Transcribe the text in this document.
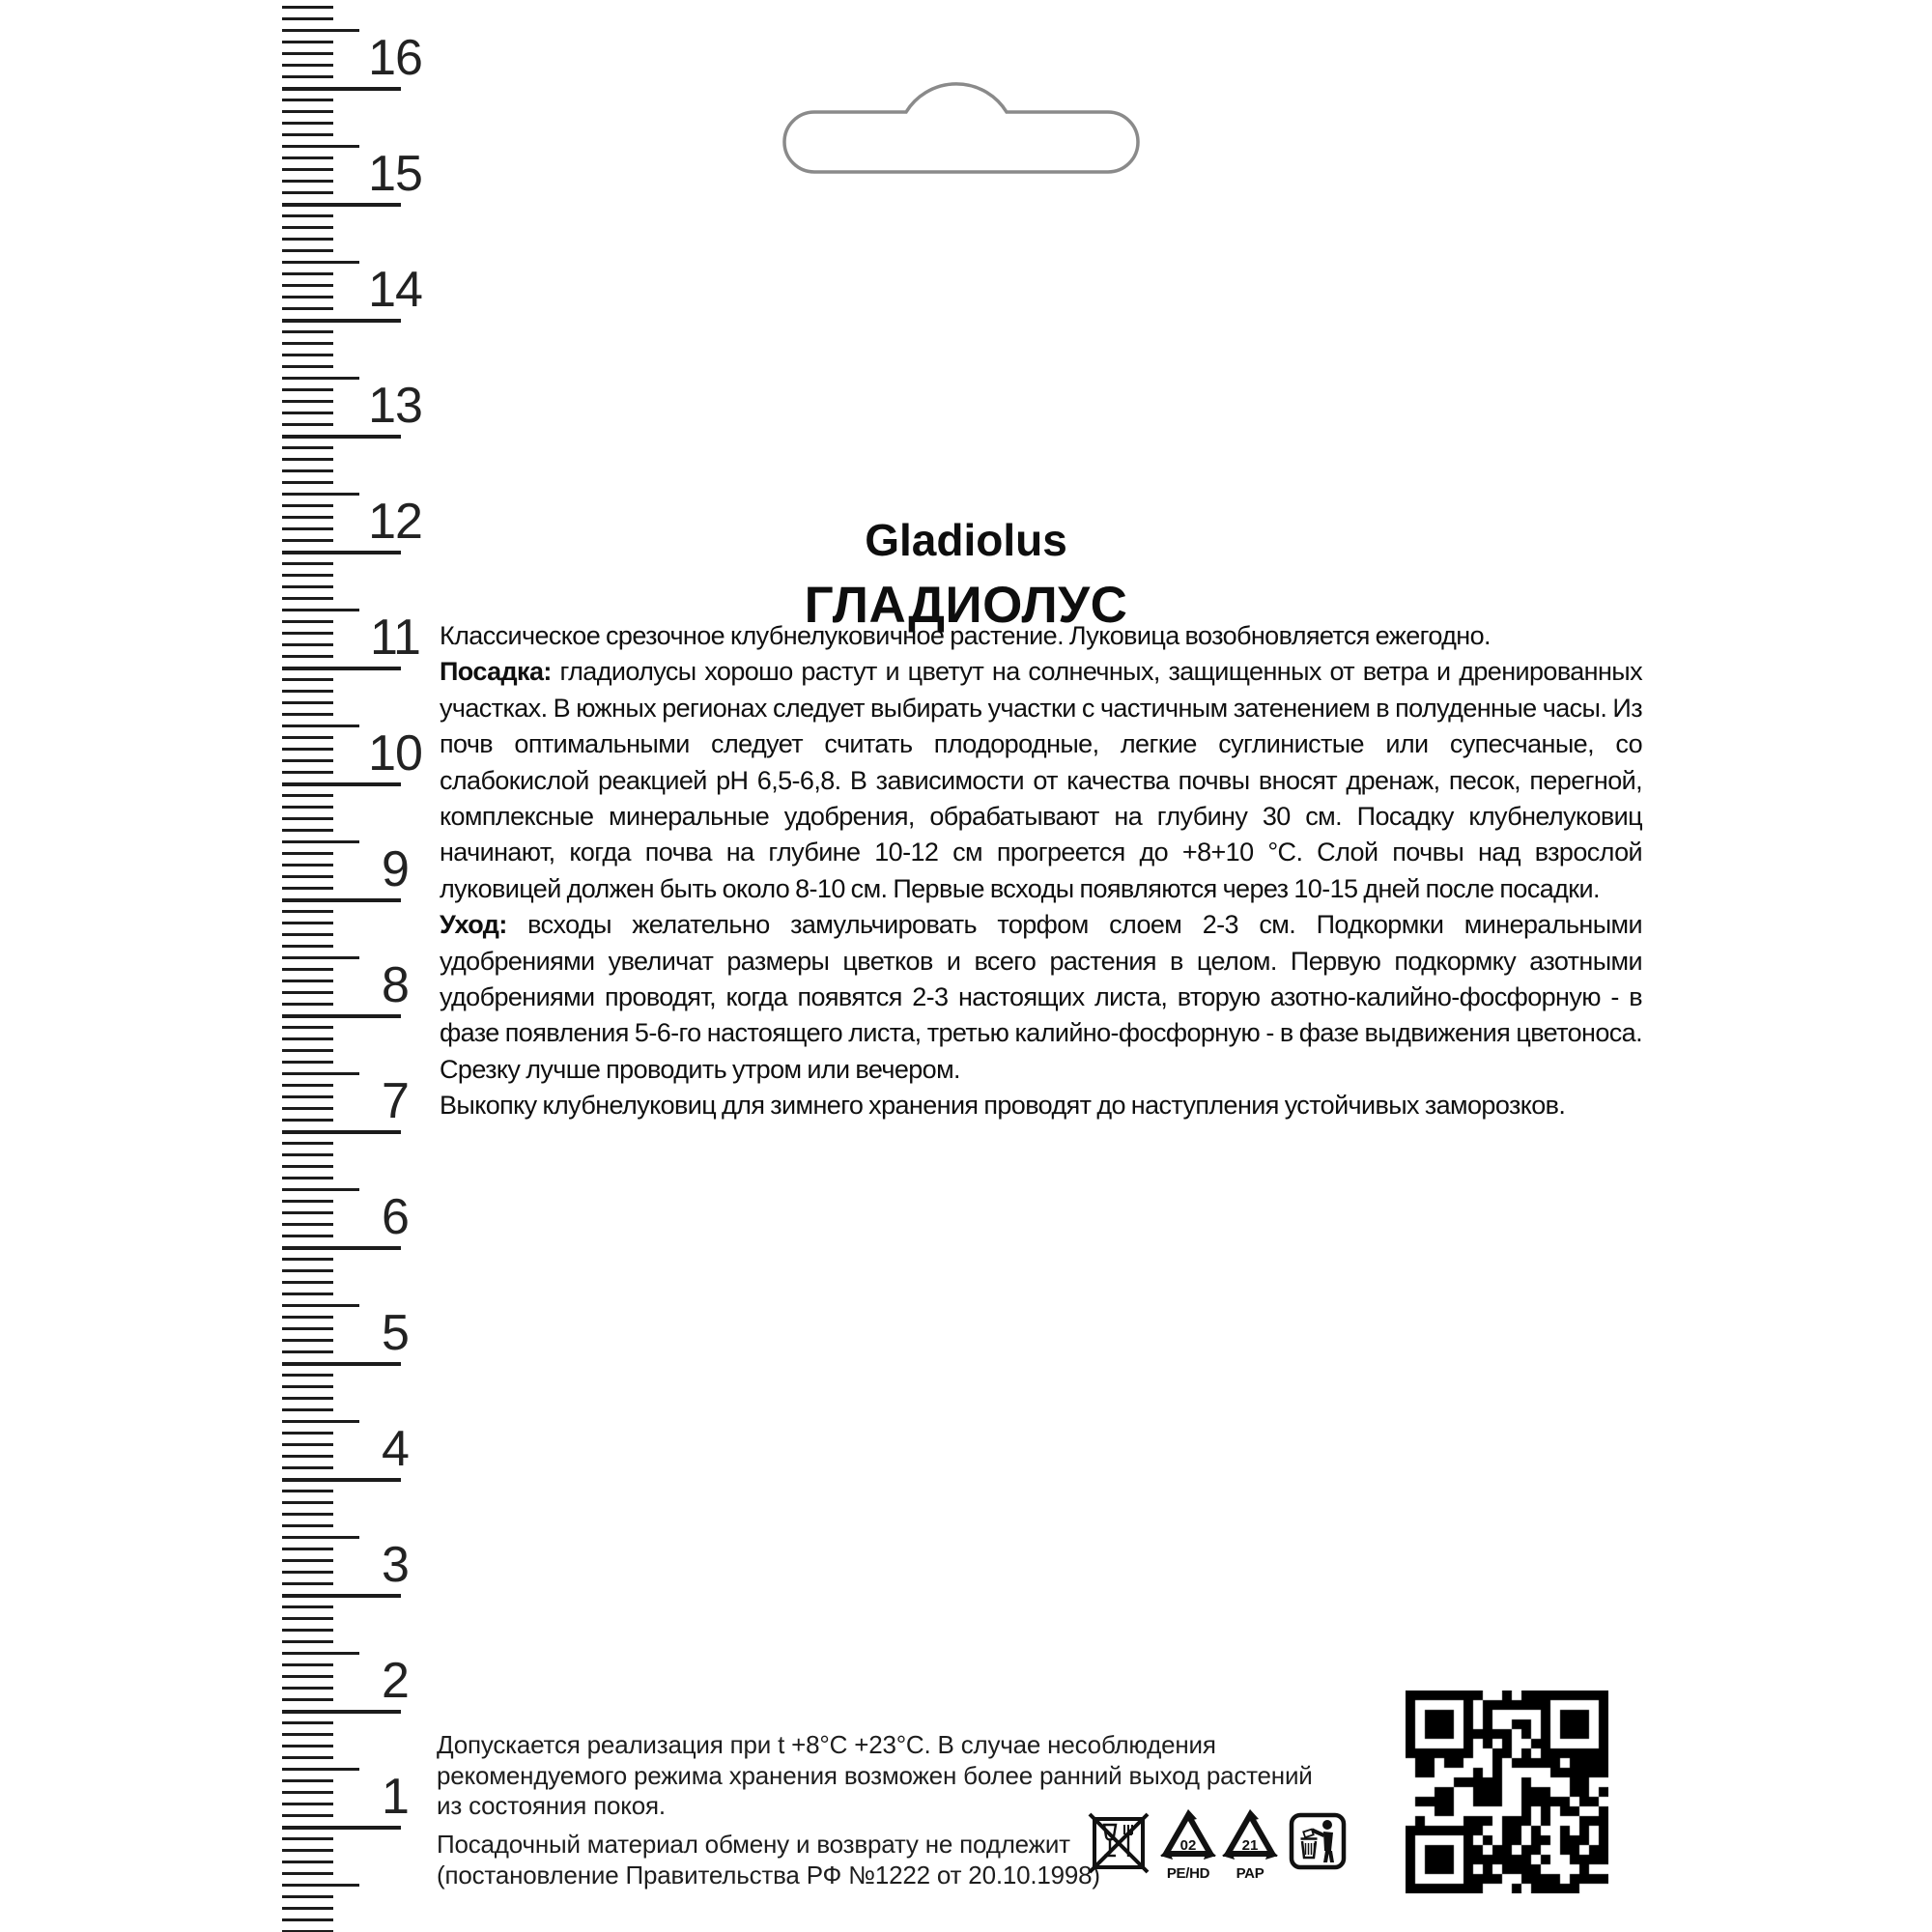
16
15
14
13
12
11
10
9
8
7
6
5
4
3
2
1
Gladiolus
ГЛАДИОЛУС

Классическое срезочное клубнелуковичное растение. Луковица возобновляется ежегодно.

Посадка: гладиолусы хорошо растут и цветут на солнечных, защищенных от ветра и дренированных участках. В южных регионах следует выбирать участки с частичным затенением в полуденные часы. Из почв оптимальными следует считать плодородные, легкие суглинистые или супесчаные, со слабокислой реакцией pH 6,5-6,8. В зависимости от качества почвы вносят дренаж, песок, перегной, комплексные минеральные удобрения, обрабатывают на глубину 30 см. Посадку клубнелуковиц начинают, когда почва на глубине 10-12 см прогреется до +8+10 °C. Слой почвы над взрослой луковицей должен быть около 8-10 см. Первые всходы появляются через 10-15 дней после посадки.

Уход: всходы желательно замульчировать торфом слоем 2-3 см. Подкормки минеральными удобрениями увеличат размеры цветков и всего растения в целом. Первую подкормку азотными удобрениями проводят, когда появятся 2-3 настоящих листа, вторую азотно-калийно-фосфорную - в фазе появления 5-6-го настоящего листа, третью калийно-фосфорную - в фазе выдвижения цветоноса. Срезку лучше проводить утром или вечером.

Выкопку клубнелуковиц для зимнего хранения проводят до наступления устойчивых заморозков.

Допускается реализация при t +8°C +23°C. В случае несоблюдения
рекомендуемого режима хранения возможен более ранний выход растений
из состояния покоя.
Посадочный материал обмену и возврату не подлежит
(постановление Правительства РФ №1222 от 20.10.1998)
02
PE/HD
21
PAP
